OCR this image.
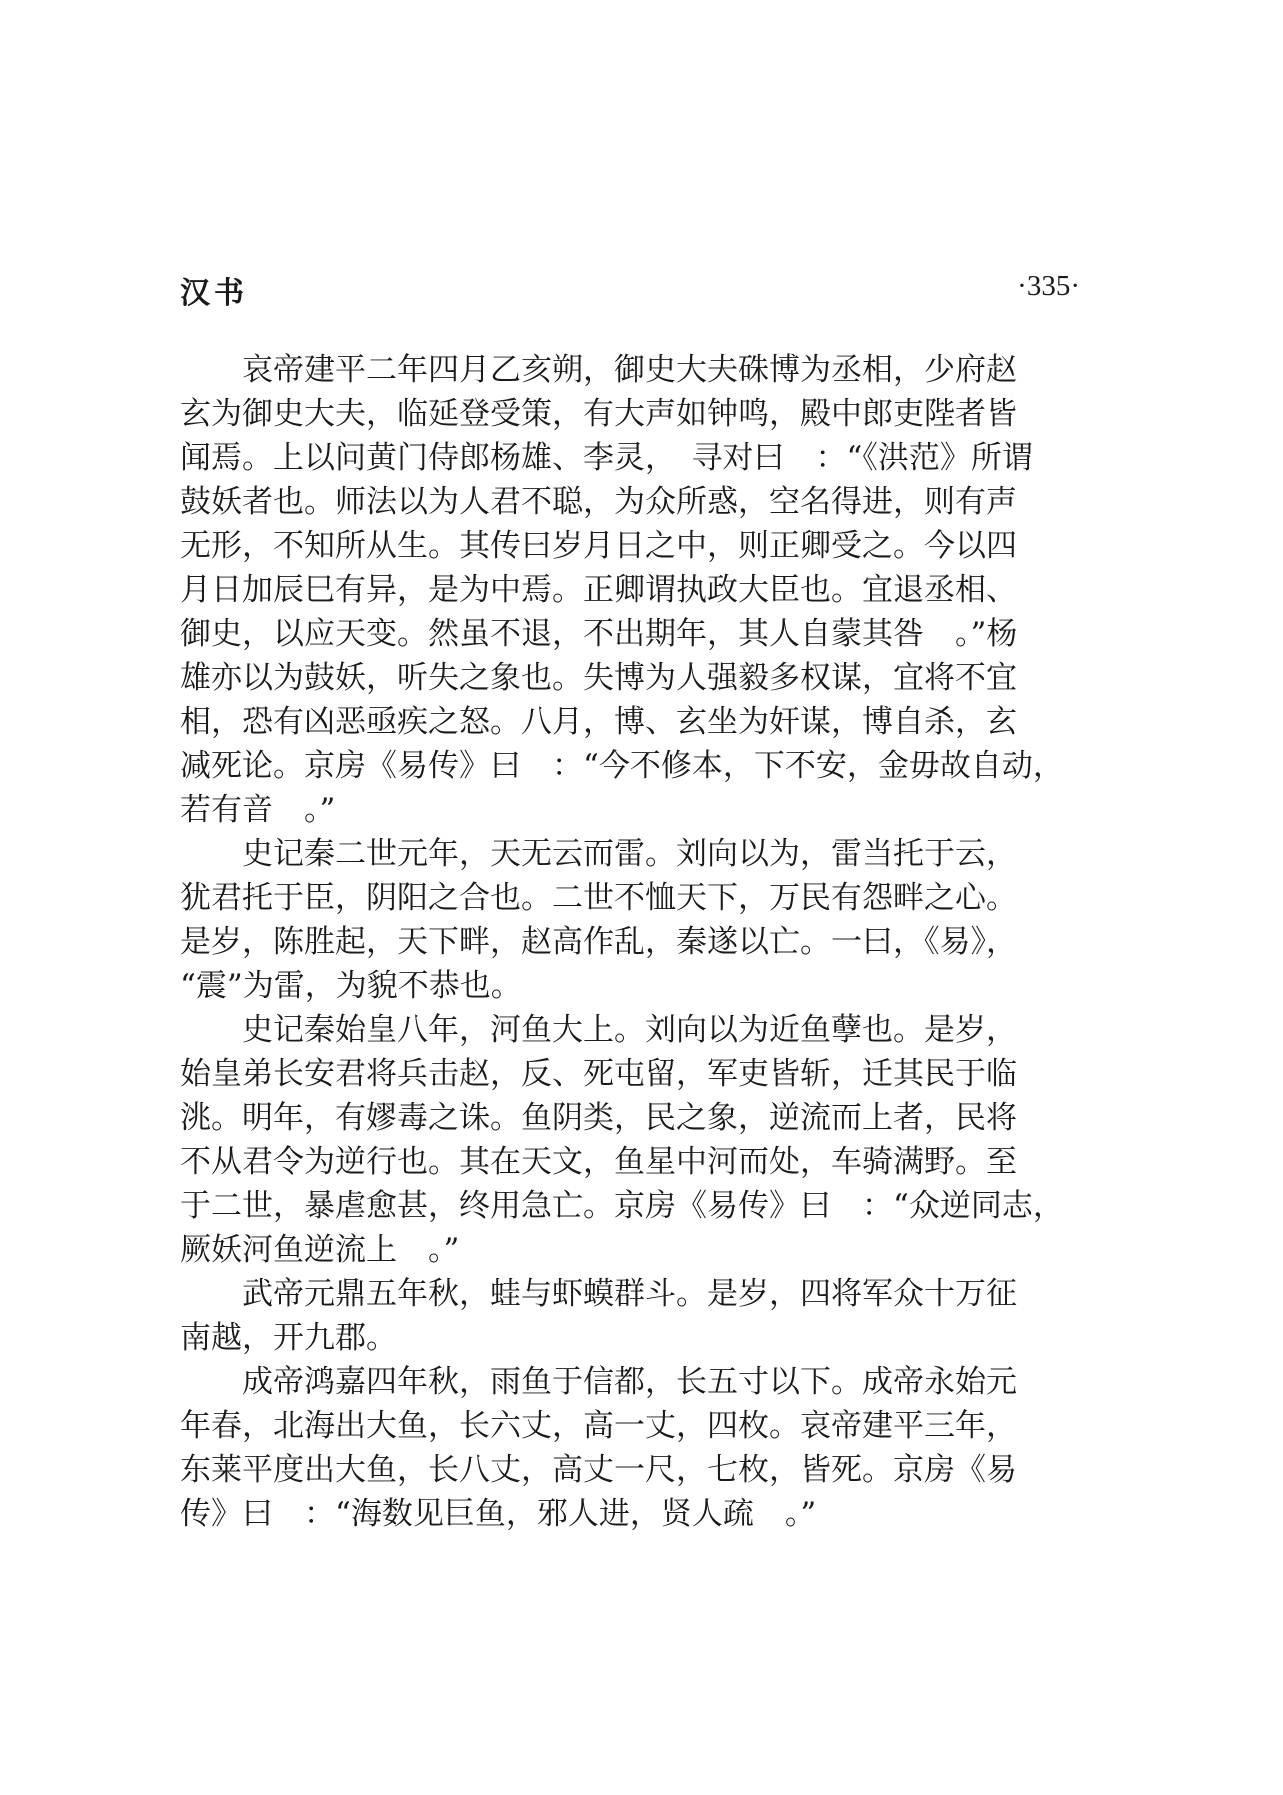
汉书	·335·
　　哀帝建平二年四月乙亥朔，御史大夫硃博为丞相，少府赵
玄为御史大夫，临延登受策，有大声如钟鸣，殿中郎吏陛者皆
闻焉。上以问黄门侍郎杨雄、李灵，　寻对曰　：“《洪范》所谓
鼓妖者也。师法以为人君不聪，为众所惑，空名得进，则有声
无形，不知所从生。其传曰岁月日之中，则正卿受之。今以四
月日加辰巳有异，是为中焉。正卿谓执政大臣也。宜退丞相、
御史，以应天变。然虽不退，不出期年，其人自蒙其咎　。”杨
雄亦以为鼓妖，听失之象也。失博为人强毅多权谋，宜将不宜
相，恐有凶恶亟疾之怒。八月，博、玄坐为奸谋，博自杀，玄
减死论。京房《易传》曰　：“今不修本，下不安，金毋故自动，
若有音　。”
　　史记秦二世元年，天无云而雷。刘向以为，雷当托于云，
犹君托于臣，阴阳之合也。二世不恤天下，万民有怨畔之心。
是岁，陈胜起，天下畔，赵高作乱，秦遂以亡。一曰，《易》，
“震”为雷，为貌不恭也。
　　史记秦始皇八年，河鱼大上。刘向以为近鱼孽也。是岁，
始皇弟长安君将兵击赵，反、死屯留，军吏皆斩，迁其民于临
洮。明年，有嫪毒之诛。鱼阴类，民之象，逆流而上者，民将
不从君令为逆行也。其在天文，鱼星中河而处，车骑满野。至
于二世，暴虐愈甚，终用急亡。京房《易传》曰　：“众逆同志，
厥妖河鱼逆流上　。”
　　武帝元鼎五年秋，蛙与虾蟆群斗。是岁，四将军众十万征
南越，开九郡。
　　成帝鸿嘉四年秋，雨鱼于信都，长五寸以下。成帝永始元
年春，北海出大鱼，长六丈，高一丈，四枚。哀帝建平三年，
东莱平度出大鱼，长八丈，高丈一尺，七枚，皆死。京房《易
传》曰　：“海数见巨鱼，邪人进，贤人疏　。”
